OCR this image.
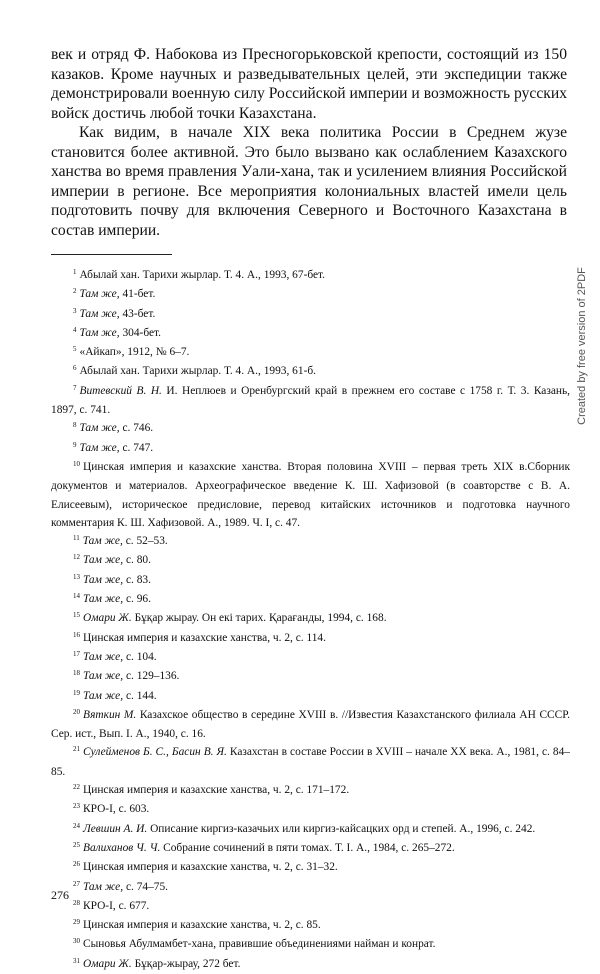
век и отряд Ф. Набокова из Пресногорьковской крепости, состоящий из 150 казаков. Кроме научных и разведывательных целей, эти экспедиции также демонстрировали военную силу Российской империи и возможность русских войск достичь любой точки Казахстана.

Как видим, в начале XIX века политика России в Среднем жузе становится более активной. Это было вызвано как ослаблением Казахского ханства во время правления Уали-хана, так и усилением влияния Российской империи в регионе. Все мероприятия колониальных властей имели цель подготовить почву для включения Северного и Восточного Казахстана в состав империи.

$^1$ Абылай хан. Тарихи жырлар. Т. 4. А., 1993, 67-бет.

$^2$ Там же, 41-бет.

$^3$ Там же, 43-бет.

$^4$ Там же, 304-бет.

$^5$ «Айкап», 1912, № 6–7.

$^6$ Абылай хан. Тарихи жырлар. Т. 4. А., 1993, 61-б.

$^7$ Витевский В. Н. И. Неплюев и Оренбургский край в прежнем его составе с 1758 г. Т. 3. Казань, 1897, с. 741.

$^8$ Там же, с. 746.

$^9$ Там же, с. 747.

$^{10}$ Цинская империя и казахские ханства. Вторая половина XVIII – первая треть XIX в.Сборник документов и материалов. Археографическое введение К. Ш. Хафизовой (в соавторстве с В. А. Елисеевым), историческое предисловие, перевод китайских источников и подготовка научного комментария К. Ш. Хафизовой. А., 1989. Ч. I, с. 47.

$^{11}$ Там же, с. 52–53.

$^{12}$ Там же, с. 80.

$^{13}$ Там же, с. 83.

$^{14}$ Там же, с. 96.

$^{15}$ Омари Ж. Бұқар жырау. Он екі тарих. Қарағанды, 1994, с. 168.

$^{16}$ Цинская империя и казахские ханства, ч. 2, с. 114.

$^{17}$ Там же, с. 104.

$^{18}$ Там же, с. 129–136.

$^{19}$ Там же, с. 144.

$^{20}$ Вяткин М. Казахское общество в середине XVIII в. //Известия Казахстанского филиала АН СССР. Сер. ист., Вып. I. А., 1940, с. 16.

$^{21}$ Сулейменов Б. С., Басин В. Я. Казахстан в составе России в XVIII – начале XX века. А., 1981, с. 84–85.

$^{22}$ Цинская империя и казахские ханства, ч. 2, с. 171–172.

$^{23}$ КРО-I, с. 603.

$^{24}$ Левшин А. И. Описание киргиз-казачьих или киргиз-кайсацких орд и степей. А., 1996, с. 242.

$^{25}$ Валиханов Ч. Ч. Собрание сочинений в пяти томах. Т. I. А., 1984, с. 265–272.

$^{26}$ Цинская империя и казахские ханства, ч. 2, с. 31–32.

$^{27}$ Там же, с. 74–75.

$^{28}$ КРО-I, с. 677.

$^{29}$ Цинская империя и казахские ханства, ч. 2, с. 85.

$^{30}$ Сыновья Абулмамбет-хана, правившие объединениями найман и конрат.

$^{31}$ Омари Ж. Бұқар-жырау, 272 бет.

276
Created by free version of 2PDF
